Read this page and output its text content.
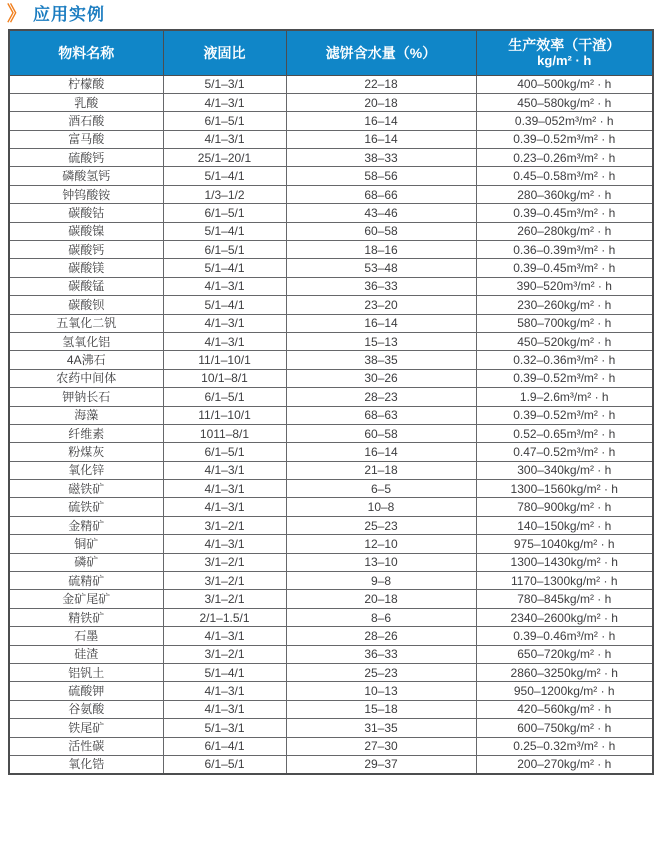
》 应用实例
物料名称	液固比	滤饼含水量（%）	生产效率（干渣）
kg/m² · h

柠檬酸	5/1–3/1	22–18	400–500kg/m² · h
乳酸	4/1–3/1	20–18	450–580kg/m² · h
酒石酸	6/1–5/1	16–14	0.39–052m³/m² · h
富马酸	4/1–3/1	16–14	0.39–0.52m³/m² · h
硫酸钙	25/1–20/1	38–33	0.23–0.26m³/m² · h
磷酸氢钙	5/1–4/1	58–56	0.45–0.58m³/m² · h
钟钨酸铵	1/3–1/2	68–66	280–360kg/m² · h
碳酸钴	6/1–5/1	43–46	0.39–0.45m³/m² · h
碳酸镍	5/1–4/1	60–58	260–280kg/m² · h
碳酸钙	6/1–5/1	18–16	0.36–0.39m³/m² · h
碳酸镁	5/1–4/1	53–48	0.39–0.45m³/m² · h
碳酸锰	4/1–3/1	36–33	390–520m³/m² · h
碳酸钡	5/1–4/1	23–20	230–260kg/m² · h
五氧化二钒	4/1–3/1	16–14	580–700kg/m² · h
氢氧化铝	4/1–3/1	15–13	450–520kg/m² · h
4A沸石	11/1–10/1	38–35	0.32–0.36m³/m² · h
农药中间体	10/1–8/1	30–26	0.39–0.52m³/m² · h
钾钠长石	6/1–5/1	28–23	1.9–2.6m³/m² · h
海藻	11/1–10/1	68–63	0.39–0.52m³/m² · h
纤维素	1011–8/1	60–58	0.52–0.65m³/m² · h
粉煤灰	6/1–5/1	16–14	0.47–0.52m³/m² · h
氧化锌	4/1–3/1	21–18	300–340kg/m² · h
磁铁矿	4/1–3/1	6–5	1300–1560kg/m² · h
硫铁矿	4/1–3/1	10–8	780–900kg/m² · h
金精矿	3/1–2/1	25–23	140–150kg/m² · h
铜矿	4/1–3/1	12–10	975–1040kg/m² · h
磷矿	3/1–2/1	13–10	1300–1430kg/m² · h
硫精矿	3/1–2/1	9–8	1170–1300kg/m² · h
金矿尾矿	3/1–2/1	20–18	780–845kg/m² · h
精铁矿	2/1–1.5/1	8–6	2340–2600kg/m² · h
石墨	4/1–3/1	28–26	0.39–0.46m³/m² · h
硅渣	3/1–2/1	36–33	650–720kg/m² · h
铝钒土	5/1–4/1	25–23	2860–3250kg/m² · h
硫酸钾	4/1–3/1	10–13	950–1200kg/m² · h
谷氨酸	4/1–3/1	15–18	420–560kg/m² · h
铁尾矿	5/1–3/1	31–35	600–750kg/m² · h
活性碳	6/1–4/1	27–30	0.25–0.32m³/m² · h
氧化锆	6/1–5/1	29–37	200–270kg/m² · h
